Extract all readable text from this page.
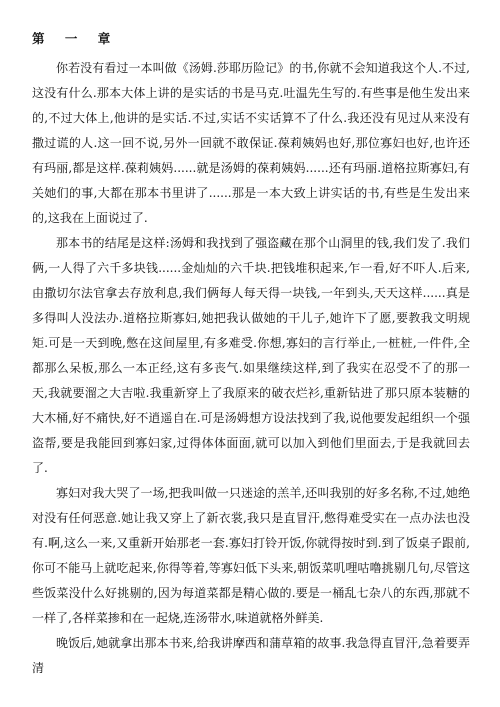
第 一 章

你若没有看过一本叫做《汤姆.莎耶历险记》的书,你就不会知道我这个人.不过,这没有什么.那本大体上讲的是实话的书是马克.吐温先生写的.有些事是他生发出来的,不过大体上,他讲的是实话.不过,实话不实话算不了什么.我还没有见过从来没有撒过谎的人.这一回不说,另外一回就不敢保证.葆莉姨妈也好,那位寡妇也好,也许还有玛丽,都是这样.葆莉姨妈......就是汤姆的葆莉姨妈......还有玛丽.道格拉斯寡妇,有关她们的事,大都在那本书里讲了......那是一本大致上讲实话的书,有些是生发出来的,这我在上面说过了.

那本书的结尾是这样:汤姆和我找到了强盗藏在那个山洞里的钱,我们发了.我们俩,一人得了六千多块钱......金灿灿的六千块.把钱堆积起来,乍一看,好不吓人.后来,由撒切尔法官拿去存放利息,我们俩每人每天得一块钱,一年到头,天天这样......真是多得叫人没法办.道格拉斯寡妇,她把我认做她的干儿子,她许下了愿,要教我文明规矩.可是一天到晚,憋在这间屋里,有多难受.你想,寡妇的言行举止,一桩桩,一件件,全都那么呆板,那么一本正经,这有多丧气.如果继续这样,到了我实在忍受不了的那一天,我就要溜之大吉啦.我重新穿上了我原来的破衣烂衫,重新钻进了那只原本装糖的大木桶,好不痛快,好不逍遥自在.可是汤姆想方设法找到了我,说他要发起组织一个强盗帮,要是我能回到寡妇家,过得体体面面,就可以加入到他们里面去,于是我就回去了.

寡妇对我大哭了一场,把我叫做一只迷途的羔羊,还叫我别的好多名称,不过,她绝对没有任何恶意.她让我又穿上了新衣裳,我只是直冒汗,憋得难受实在一点办法也没有.啊,这么一来,又重新开始那老一套.寡妇打铃开饭,你就得按时到.到了饭桌子跟前,你可不能马上就吃起来,你得等着,等寡妇低下头来,朝饭菜叽哩咕噜挑剔几句,尽管这些饭菜没什么好挑剔的,因为每道菜都是精心做的.要是一桶乱七杂八的东西,那就不一样了,各样菜掺和在一起烧,连汤带水,味道就格外鲜美.

晚饭后,她就拿出那本书来,给我讲摩西和蒲草箱的故事.我急得直冒汗,急着要弄清
